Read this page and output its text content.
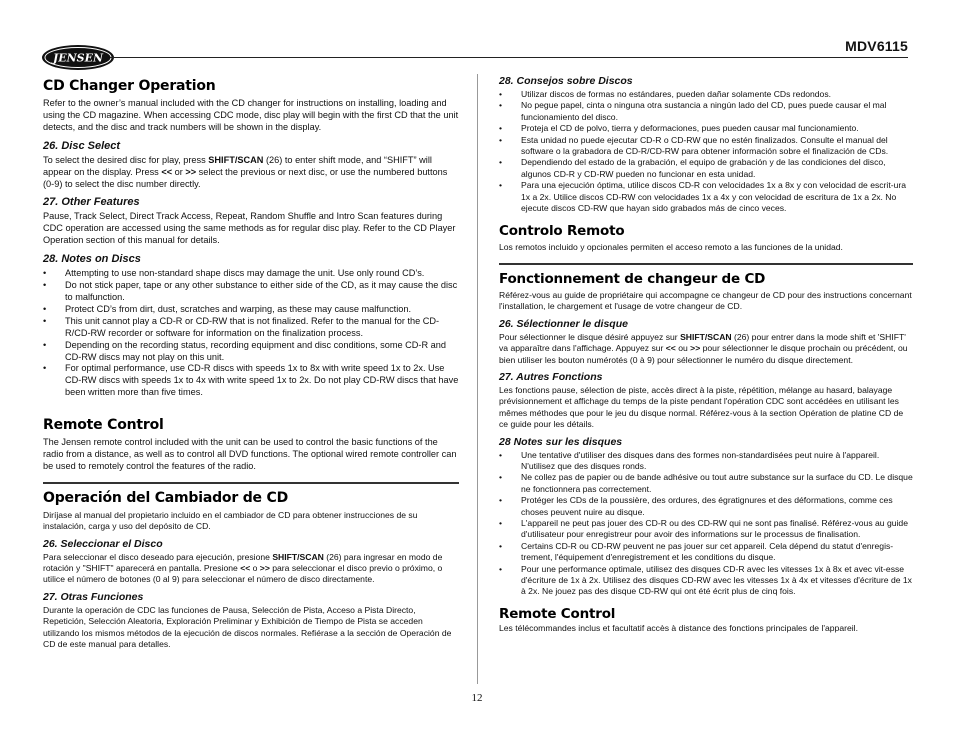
JENSEN
MDV6115
CD Changer Operation

Refer to the owner’s manual included with the CD changer for instructions on installing, loading and using the CD magazine. When accessing CDC mode, disc play will begin with the first CD that the unit detects, and the disc and track numbers will be shown in the display.

26. Disc Select

To select the desired disc for play, press SHIFT/SCAN (26) to enter shift mode, and “SHIFT” will appear on the display. Press << or >> select the previous or next disc, or use the numbered buttons (0-9) to select the disc number directly.

27. Other Features

Pause, Track Select, Direct Track Access, Repeat, Random Shuffle and Intro Scan features during CDC operation are accessed using the same methods as for regular disc play. Refer to the CD Player Operation section of this manual for details.

28. Notes on Discs
• Attempting to use non-standard shape discs may damage the unit. Use only round CD’s.
• Do not stick paper, tape or any other substance to either side of the CD, as it may cause the disc to malfunction.
• Protect CD’s from dirt, dust, scratches and warping, as these may cause malfunction.
• This unit cannot play a CD-R or CD-RW that is not finalized. Refer to the manual for the CD-R/CD-RW recorder or software for information on the finalization process.
• Depending on the recording status, recording equipment and disc conditions, some CD-R and CD-RW discs may not play on this unit.
• For optimal performance, use CD-R discs with speeds 1x to 8x with write speed 1x to 2x. Use CD-RW discs with speeds 1x to 4x with write speed 1x to 2x. Do not play CD-RW discs that have been written more than five times.
Remote Control

The Jensen remote control included with the unit can be used to control the basic functions of the radio from a distance, as well as to control all DVD functions. The optional wired remote controller can be used to remotely control the features of the radio.

Operación del Cambiador de CD

Diríjase al manual del propietario incluido en el cambiador de CD para obtener instrucciones de su instalación, carga y uso del depósito de CD.

26. Seleccionar el Disco

Para seleccionar el disco deseado para ejecución, presione SHIFT/SCAN (26) para ingresar en modo de rotación y "SHIFT" aparecerá en pantalla. Presione << o >> para seleccionar el disco previo o próximo, o utilice el número de botones (0 al 9) para seleccionar el número de disco directamente.

27. Otras Funciones

Durante la operación de CDC las funciones de Pausa, Selección de Pista, Acceso a Pista Directo, Repetición, Selección Aleatoria, Exploración Preliminar y Exhibición de Tiempo de Pista se acceden utilizando los mismos métodos de la ejecución de discos normales. Refiérase a la sección de Operación de CD de este manual para detalles.

28. Consejos sobre Discos
• Utilizar discos de formas no estándares, pueden dañar solamente CDs redondos.
• No pegue papel, cinta o ninguna otra sustancia a ningún lado del CD, pues puede causar el mal funcionamiento del disco.
• Proteja el CD de polvo, tierra y deformaciones, pues pueden causar mal funcionamiento.
• Esta unidad no puede ejecutar CD-R o CD-RW que no estén finalizados. Consulte el manual del software o la grabadora de CD-R/CD-RW para obtener información sobre el finalización de CDs.
• Dependiendo del estado de la grabación, el equipo de grabación y de las condiciones del disco, algunos CD-R y CD-RW pueden no funcionar en esta unidad.
• Para una ejecución óptima, utilice discos CD-R con velocidades 1x a 8x y con velocidad de escrit-ura 1x a 2x. Utilice discos CD-RW con velocidades 1x a 4x y con velocidad de escritura de 1x a 2x. No ejecute discos CD-RW que hayan sido grabados más de cinco veces.
Controlo Remoto

Los remotos incluido y opcionales permiten el acceso remoto a las funciones de la unidad.

Fonctionnement de changeur de CD

Référez-vous au guide de propriétaire qui accompagne ce changeur de CD pour des instructions concernant l'installation, le chargement et l'usage de votre changeur de CD.

26. Sélectionner le disque

Pour sélectionner le disque désiré appuyez sur SHIFT/SCAN (26) pour entrer dans la mode shift et 'SHIFT' va apparaître dans l'affichage. Appuyez sur << ou >> pour sélectionner le disque prochain ou précédent, ou bien utiliser les bouton numérotés (0 à 9) pour sélectionner le numéro du disque directement.

27. Autres Fonctions

Les fonctions pause, sélection de piste, accès direct à la piste, répétition, mélange au hasard, balayage prévisionnement et affichage du temps de la piste pendant l'opération CDC sont accédées en utilisant les mêmes méthodes que pour le jeu du disque normal. Référez-vous à la section Opération de platine CD de ce guide pour les détails.

28 Notes sur les disques
• Une tentative d'utiliser des disques dans des formes non-standardisées peut nuire à l'appareil. N'utilisez que des disques ronds.
• Ne collez pas de papier ou de bande adhésive ou tout autre substance sur la surface du CD. Le disque ne fonctionnera pas correctement.
• Protéger les CDs de la poussière, des ordures, des égratignures et des déformations, comme ces choses peuvent nuire au disque.
• L'appareil ne peut pas jouer des CD-R ou des CD-RW qui ne sont pas finalisé. Référez-vous au guide d'utilisateur pour enregistreur pour avoir des informations sur le processus de finalisation.
• Certains CD-R ou CD-RW peuvent ne pas jouer sur cet appareil. Cela dépend du statut d'enregis-trement, l'équipement d'enregistrement et les conditions du disque.
• Pour une performance optimale, utilisez des disques CD-R avec les vitesses 1x à 8x et avec vit-esse d'écriture de 1x à 2x. Utilisez des disques CD-RW avec les vitesses 1x à 4x et vitesses d'écriture de 1x à 2x. Ne jouez pas des disque CD-RW qui ont été écrit plus de cinq fois.
Remote Control

Les télécommandes inclus et facultatif accès à distance des fonctions principales de l'appareil.

12
